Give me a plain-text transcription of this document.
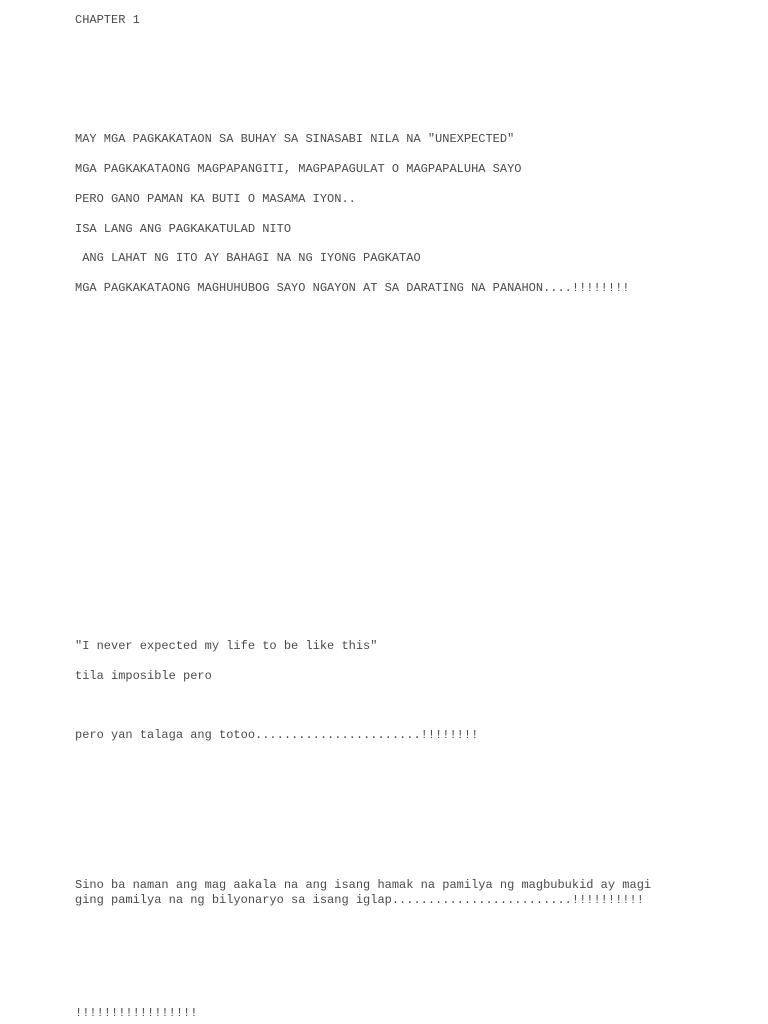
CHAPTER 1

MAY MGA PAGKAKATAON SA BUHAY SA SINASABI NILA NA "UNEXPECTED"

MGA PAGKAKATAONG MAGPAPANGITI, MAGPAPAGULAT O MAGPAPALUHA SAYO

PERO GANO PAMAN KA BUTI O MASAMA IYON..

ISA LANG ANG PAGKAKATULAD NITO

ANG LAHAT NG ITO AY BAHAGI NA NG IYONG PAGKATAO

MGA PAGKAKATAONG MAGHUHUBOG SAYO NGAYON AT SA DARATING NA PANAHON....!!!!!!!!

"I never expected my life to be like this"

tila imposible pero

pero yan talaga ang totoo.......................!!!!!!!!

Sino ba naman ang mag aakala na ang isang hamak na pamilya ng magbubukid ay magi

ging pamilya na ng bilyonaryo sa isang iglap.........................!!!!!!!!!!

!!!!!!!!!!!!!!!!!
